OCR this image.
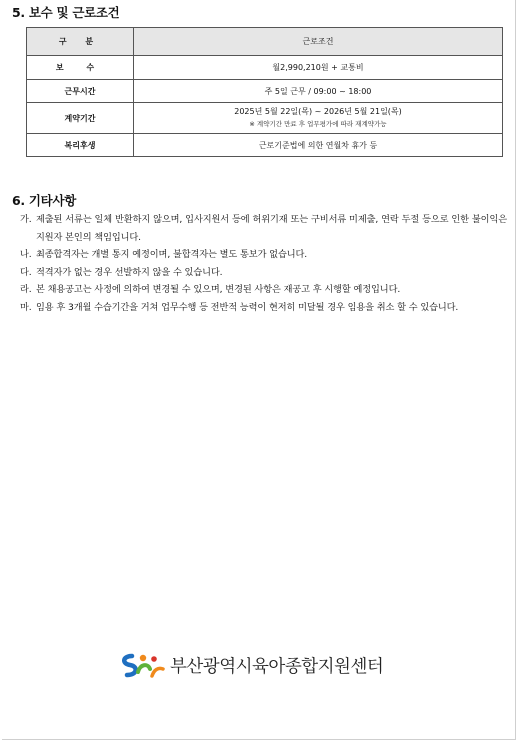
5. 보수 및 근로조건
구 분	근로조건
보 수	월2,990,210원 + 교통비
근무시간	주 5일 근무 / 09:00 ~ 18:00
계약기간	2025년 5월 22일(목) ~ 2026년 5월 21일(목)
※ 계약기간 만료 후 업무평가에 따라 재계약가능

복리후생	근로기준법에 의한 연월차 휴가 등
6. 기타사항
가. 제출된 서류는 일체 반환하지 않으며, 입사지원서 등에 허위기재 또는 구비서류 미제출, 연락 두절 등으로 인한 불이익은 지원자 본인의 책임입니다.
나. 최종합격자는 개별 통지 예정이며, 불합격자는 별도 통보가 없습니다.
다. 적격자가 없는 경우 선발하지 않을 수 있습니다.
라. 본 채용공고는 사정에 의하여 변경될 수 있으며, 변경된 사항은 재공고 후 시행할 예정입니다.
마. 임용 후 3개월 수습기간을 거쳐 업무수행 등 전반적 능력이 현저히 미달될 경우 임용을 취소 할 수 있습니다.
부산광역시육아종합지원센터
